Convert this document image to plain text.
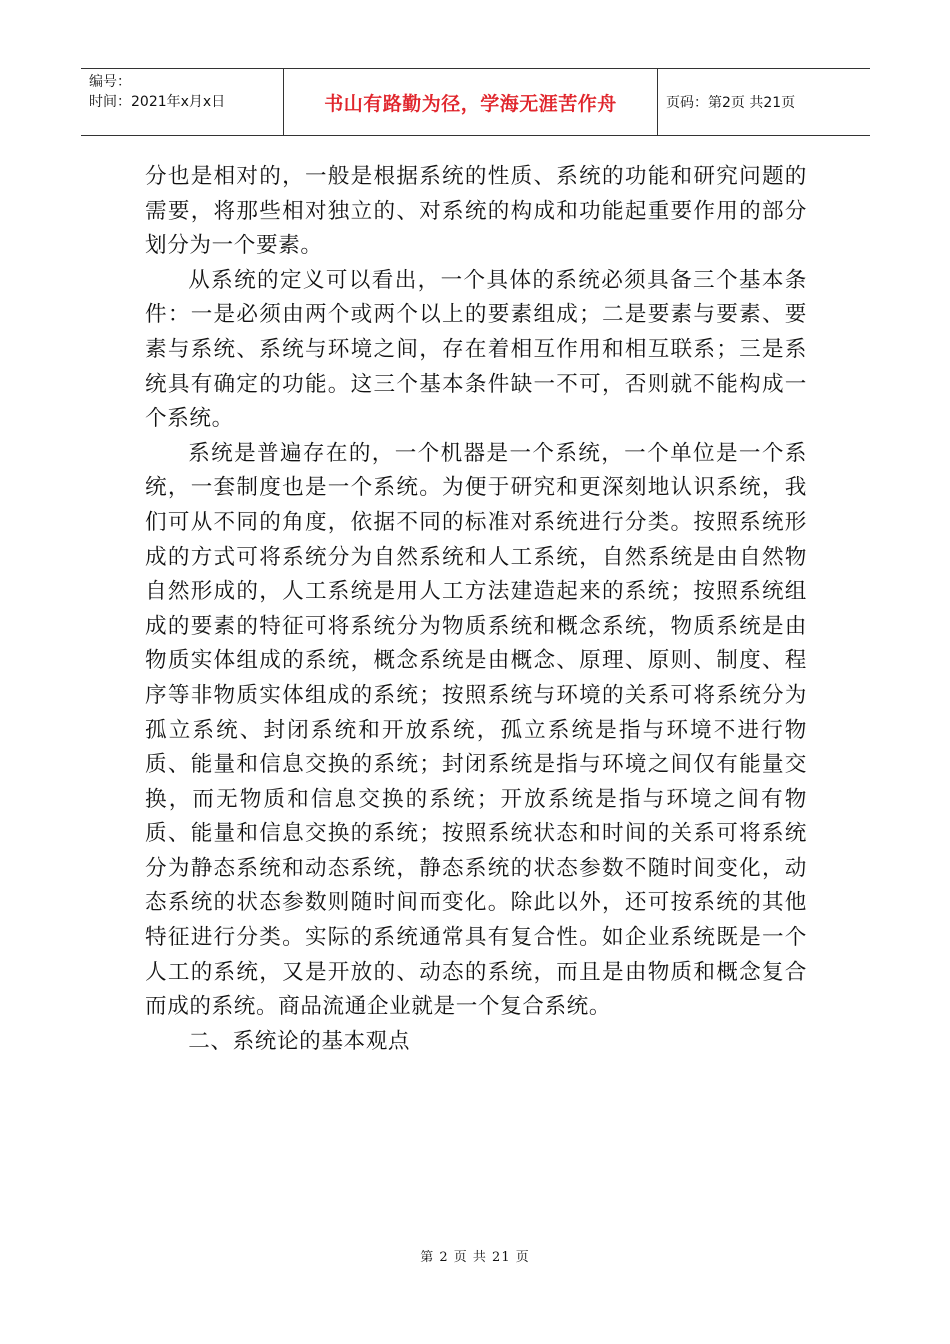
编号：
时间：2021年x月x日	书山有路勤为径，学海无涯苦作舟	页码：第2页 共21页

分也是相对的，一般是根据系统的性质、系统的功能和研究问题的需要，将那些相对独立的、对系统的构成和功能起重要作用的部分划分为一个要素。

从系统的定义可以看出，一个具体的系统必须具备三个基本条件：一是必须由两个或两个以上的要素组成；二是要素与要素、要素与系统、系统与环境之间，存在着相互作用和相互联系；三是系统具有确定的功能。这三个基本条件缺一不可，否则就不能构成一个系统。

系统是普遍存在的，一个机器是一个系统，一个单位是一个系统，一套制度也是一个系统。为便于研究和更深刻地认识系统，我们可从不同的角度，依据不同的标准对系统进行分类。按照系统形成的方式可将系统分为自然系统和人工系统，自然系统是由自然物自然形成的，人工系统是用人工方法建造起来的系统；按照系统组成的要素的特征可将系统分为物质系统和概念系统，物质系统是由物质实体组成的系统，概念系统是由概念、原理、原则、制度、程序等非物质实体组成的系统；按照系统与环境的关系可将系统分为孤立系统、封闭系统和开放系统，孤立系统是指与环境不进行物质、能量和信息交换的系统；封闭系统是指与环境之间仅有能量交换，而无物质和信息交换的系统；开放系统是指与环境之间有物质、能量和信息交换的系统；按照系统状态和时间的关系可将系统分为静态系统和动态系统，静态系统的状态参数不随时间变化，动态系统的状态参数则随时间而变化。除此以外，还可按系统的其他特征进行分类。实际的系统通常具有复合性。如企业系统既是一个人工的系统，又是开放的、动态的系统，而且是由物质和概念复合而成的系统。商品流通企业就是一个复合系统。

二、系统论的基本观点

第 2 页 共 21 页
